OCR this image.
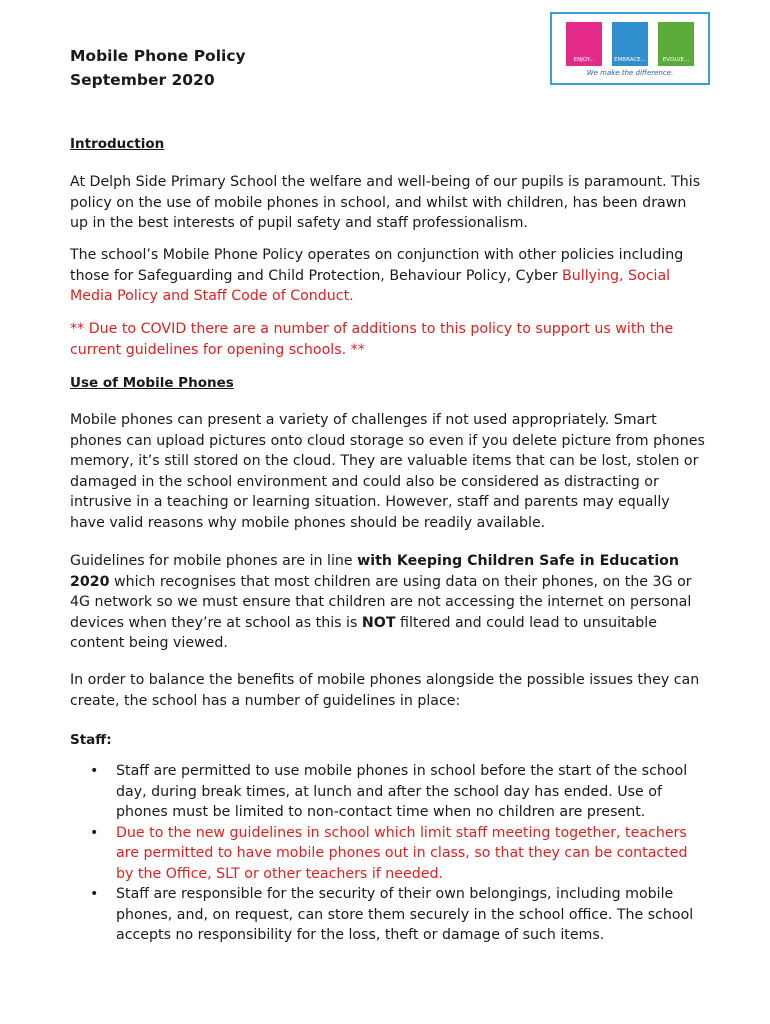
Mobile Phone Policy
September 2020
ENJOY...	EMBRACE...	EVOLVE...
We make the difference.
Introduction
At Delph Side Primary School the welfare and well-being of our pupils is paramount. This policy on the use of mobile phones in school, and whilst with children, has been drawn up in the best interests of pupil safety and staff professionalism.
The school’s Mobile Phone Policy operates on conjunction with other policies including those for Safeguarding and Child Protection, Behaviour Policy, Cyber Bullying, Social Media Policy and Staff Code of Conduct.
** Due to COVID there are a number of additions to this policy to support us with the current guidelines for opening schools. **
Use of Mobile Phones
Mobile phones can present a variety of challenges if not used appropriately. Smart phones can upload pictures onto cloud storage so even if you delete picture from phones memory, it’s still stored on the cloud. They are valuable items that can be lost, stolen or damaged in the school environment and could also be considered as distracting or intrusive in a teaching or learning situation. However, staff and parents may equally have valid reasons why mobile phones should be readily available.
Guidelines for mobile phones are in line with Keeping Children Safe in Education 2020 which recognises that most children are using data on their phones, on the 3G or 4G network so we must ensure that children are not accessing the internet on personal devices when they’re at school as this is NOT filtered and could lead to unsuitable content being viewed.
In order to balance the benefits of mobile phones alongside the possible issues they can create, the school has a number of guidelines in place:
Staff:
• Staff are permitted to use mobile phones in school before the start of the school day, during break times, at lunch and after the school day has ended. Use of phones must be limited to non-contact time when no children are present.
• Due to the new guidelines in school which limit staff meeting together, teachers are permitted to have mobile phones out in class, so that they can be contacted by the Office, SLT or other teachers if needed.
• Staff are responsible for the security of their own belongings, including mobile phones, and, on request, can store them securely in the school office. The school accepts no responsibility for the loss, theft or damage of such items.
